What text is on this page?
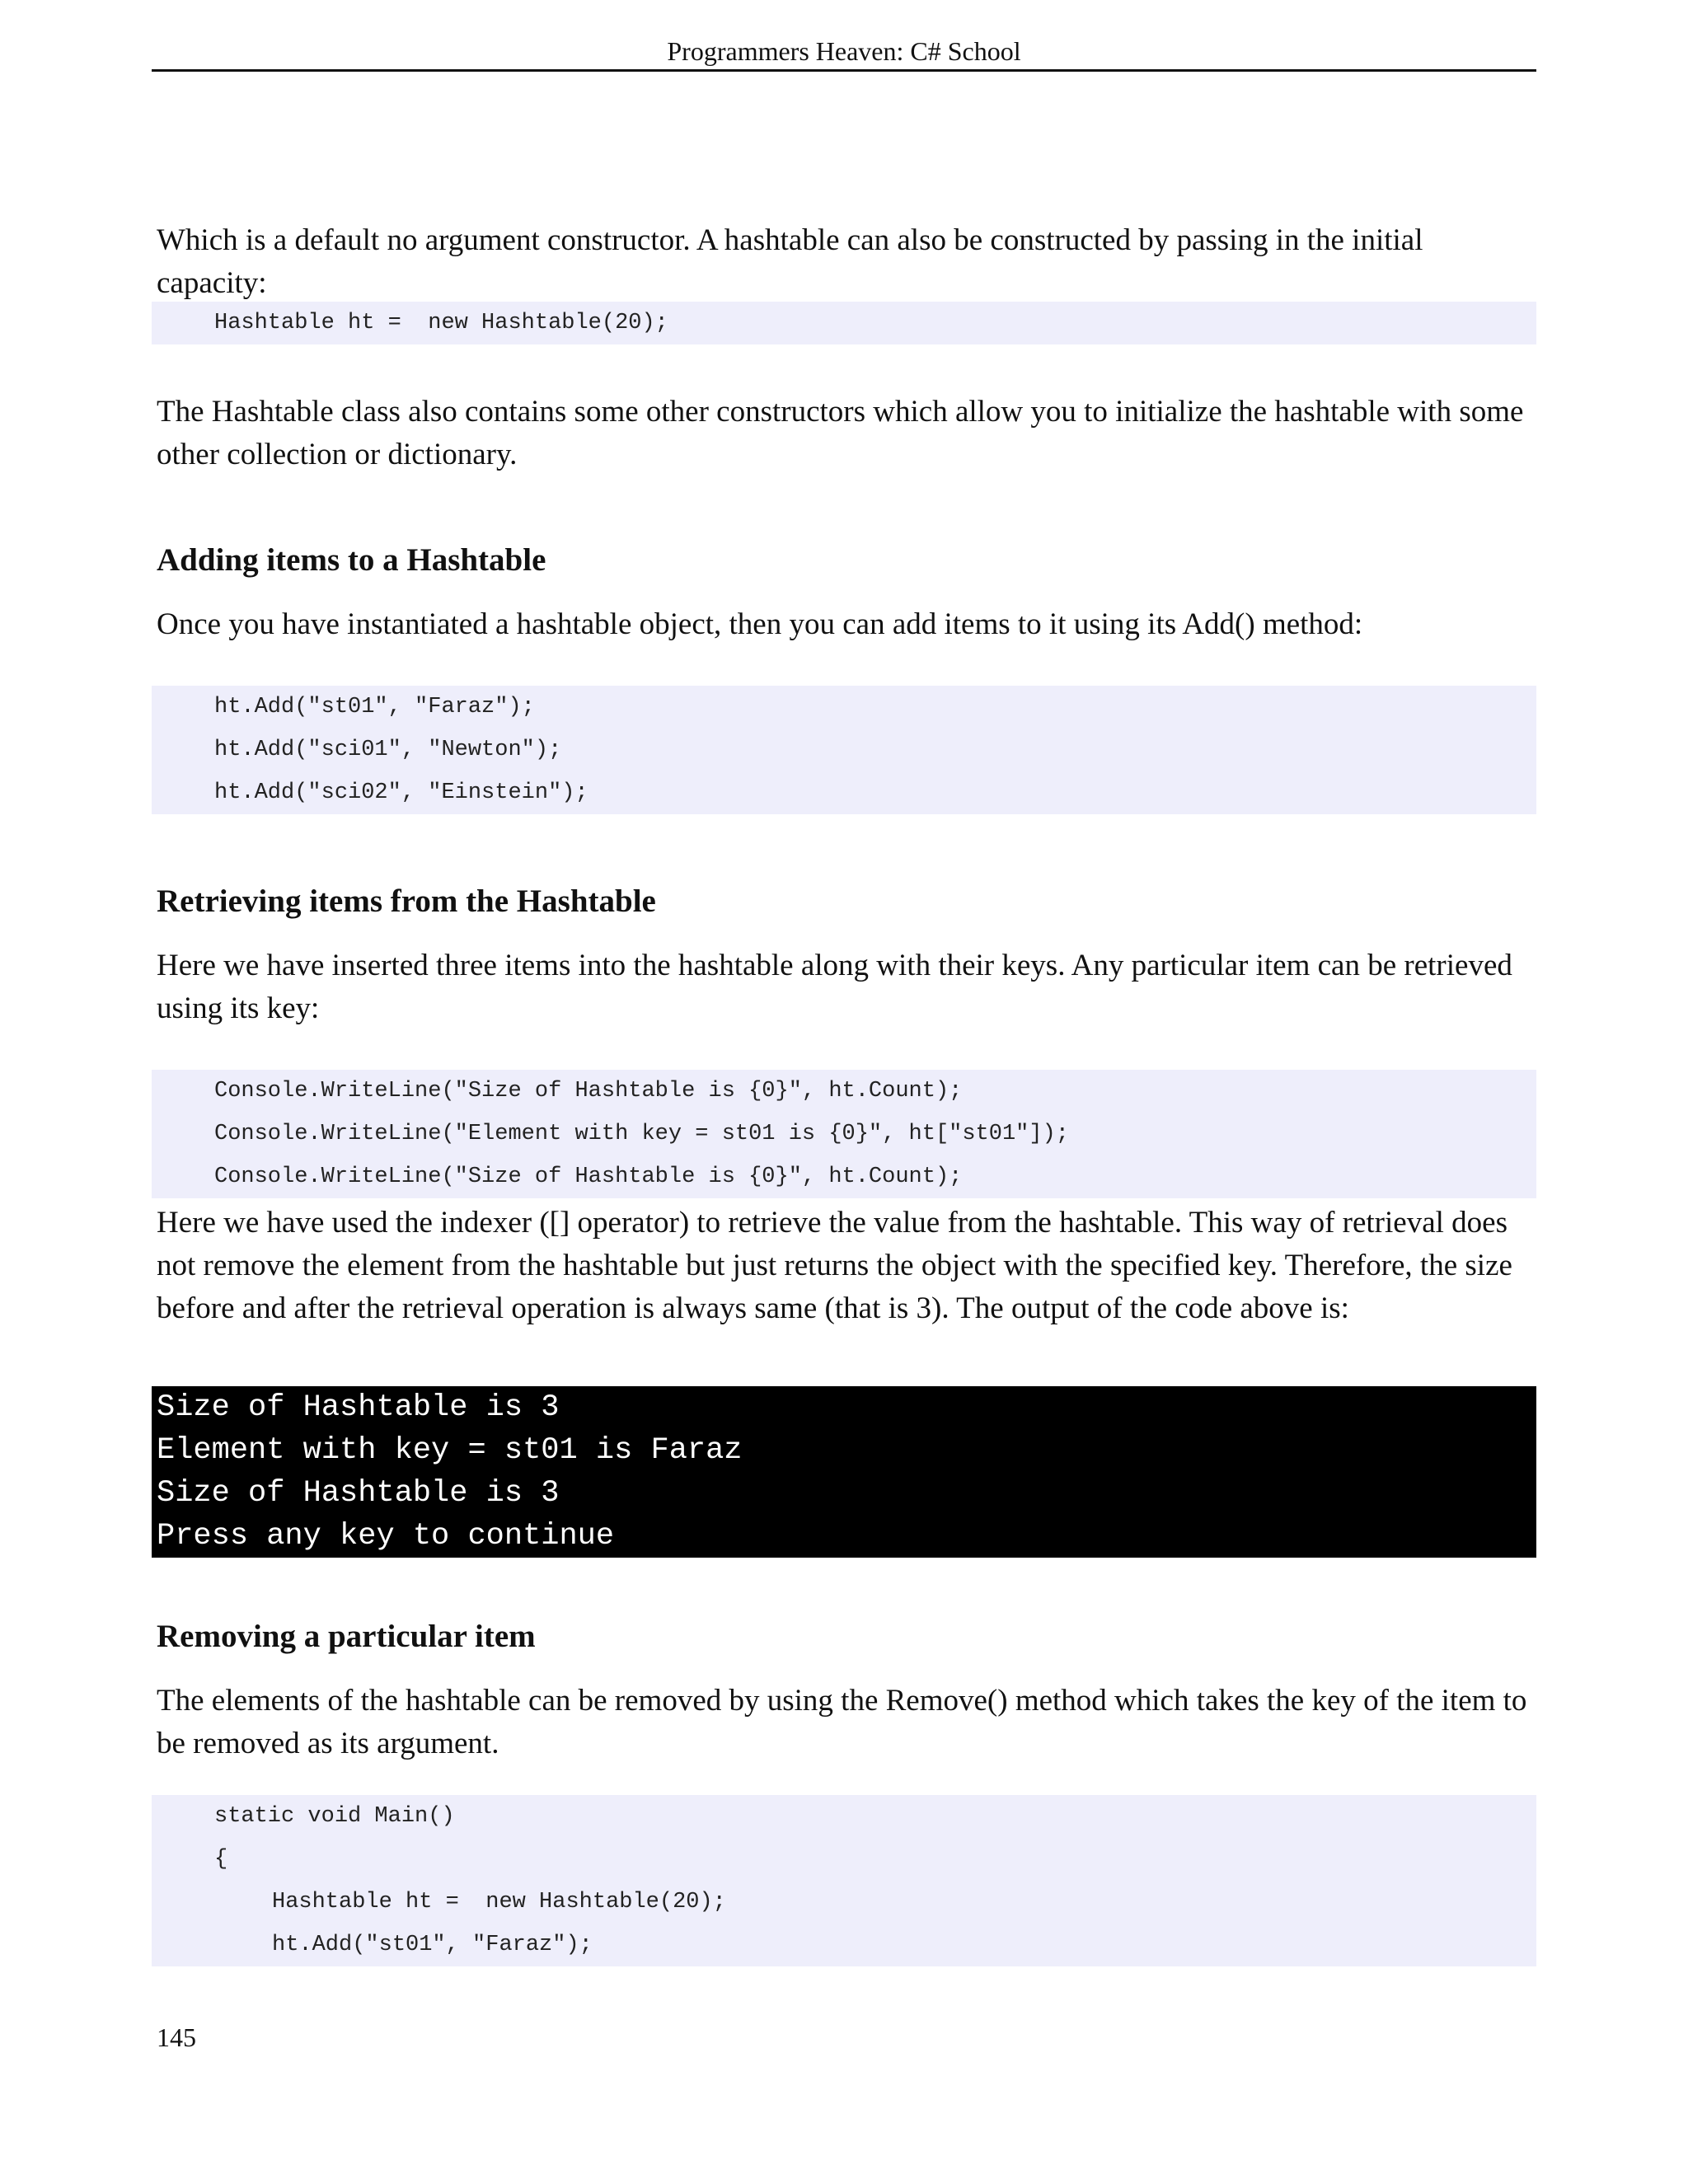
Programmers Heaven: C# School

Which is a default no argument constructor. A hashtable can also be constructed by passing in the initial capacity:

Hashtable ht =  new Hashtable(20);

The Hashtable class also contains some other constructors which allow you to initialize the hashtable with some other collection or dictionary.

Adding items to a Hashtable

Once you have instantiated a hashtable object, then you can add items to it using its Add() method:

ht.Add("st01", "Faraz");
ht.Add("sci01", "Newton");
ht.Add("sci02", "Einstein");
Retrieving items from the Hashtable

Here we have inserted three items into the hashtable along with their keys. Any particular item can be retrieved using its key:

Console.WriteLine("Size of Hashtable is {0}", ht.Count);
Console.WriteLine("Element with key = st01 is {0}", ht["st01"]);
Console.WriteLine("Size of Hashtable is {0}", ht.Count);

Here we have used the indexer ([] operator) to retrieve the value from the hashtable. This way of retrieval does not remove the element from the hashtable but just returns the object with the specified key. Therefore, the size before and after the retrieval operation is always same (that is 3). The output of the code above is:

Size of Hashtable is 3
Element with key = st01 is Faraz
Size of Hashtable is 3
Press any key to continue
Removing a particular item

The elements of the hashtable can be removed by using the Remove() method which takes the key of the item to be removed as its argument.

static void Main()
{
Hashtable ht =  new Hashtable(20);
ht.Add("st01", "Faraz");
145
